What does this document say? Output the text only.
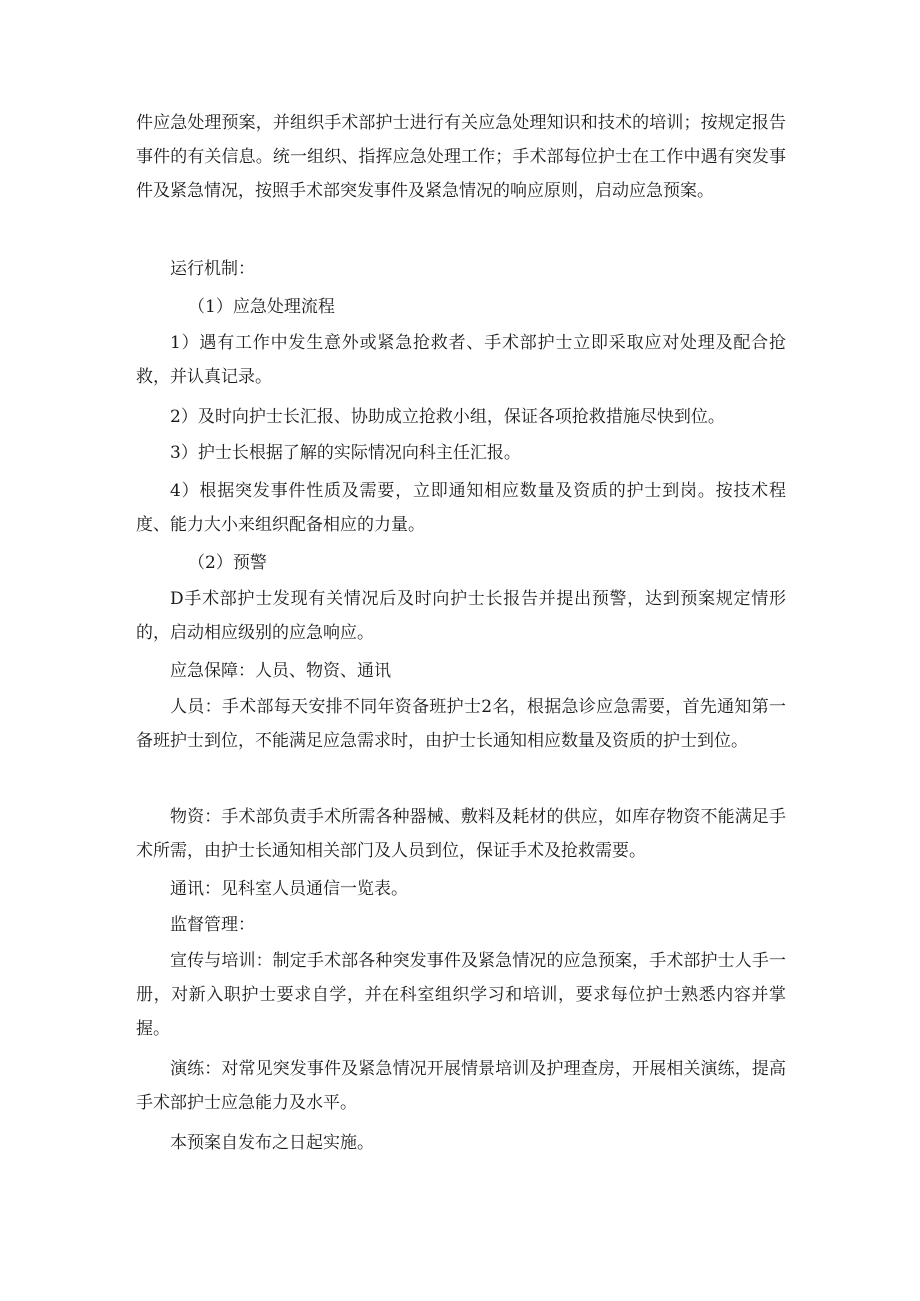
件应急处理预案，并组织手术部护士进行有关应急处理知识和技术的培训；按规定报告事件的有关信息。统一组织、指挥应急处理工作；手术部每位护士在工作中遇有突发事件及紧急情况，按照手术部突发事件及紧急情况的响应原则，启动应急预案。

运行机制：

（1）应急处理流程

1）遇有工作中发生意外或紧急抢救者、手术部护士立即采取应对处理及配合抢救，并认真记录。

2）及时向护士长汇报、协助成立抢救小组，保证各项抢救措施尽快到位。

3）护士长根据了解的实际情况向科主任汇报。

4）根据突发事件性质及需要，立即通知相应数量及资质的护士到岗。按技术程度、能力大小来组织配备相应的力量。

（2）预警

D手术部护士发现有关情况后及时向护士长报告并提出预警，达到预案规定情形的，启动相应级别的应急响应。

应急保障：人员、物资、通讯

人员：手术部每天安排不同年资备班护士2名，根据急诊应急需要，首先通知第一备班护士到位，不能满足应急需求时，由护士长通知相应数量及资质的护士到位。

物资：手术部负责手术所需各种器械、敷料及耗材的供应，如库存物资不能满足手术所需，由护士长通知相关部门及人员到位，保证手术及抢救需要。

通讯：见科室人员通信一览表。

监督管理：

宣传与培训：制定手术部各种突发事件及紧急情况的应急预案，手术部护士人手一册，对新入职护士要求自学，并在科室组织学习和培训，要求每位护士熟悉内容并掌握。

演练：对常见突发事件及紧急情况开展情景培训及护理查房，开展相关演练，提高手术部护士应急能力及水平。

本预案自发布之日起实施。
